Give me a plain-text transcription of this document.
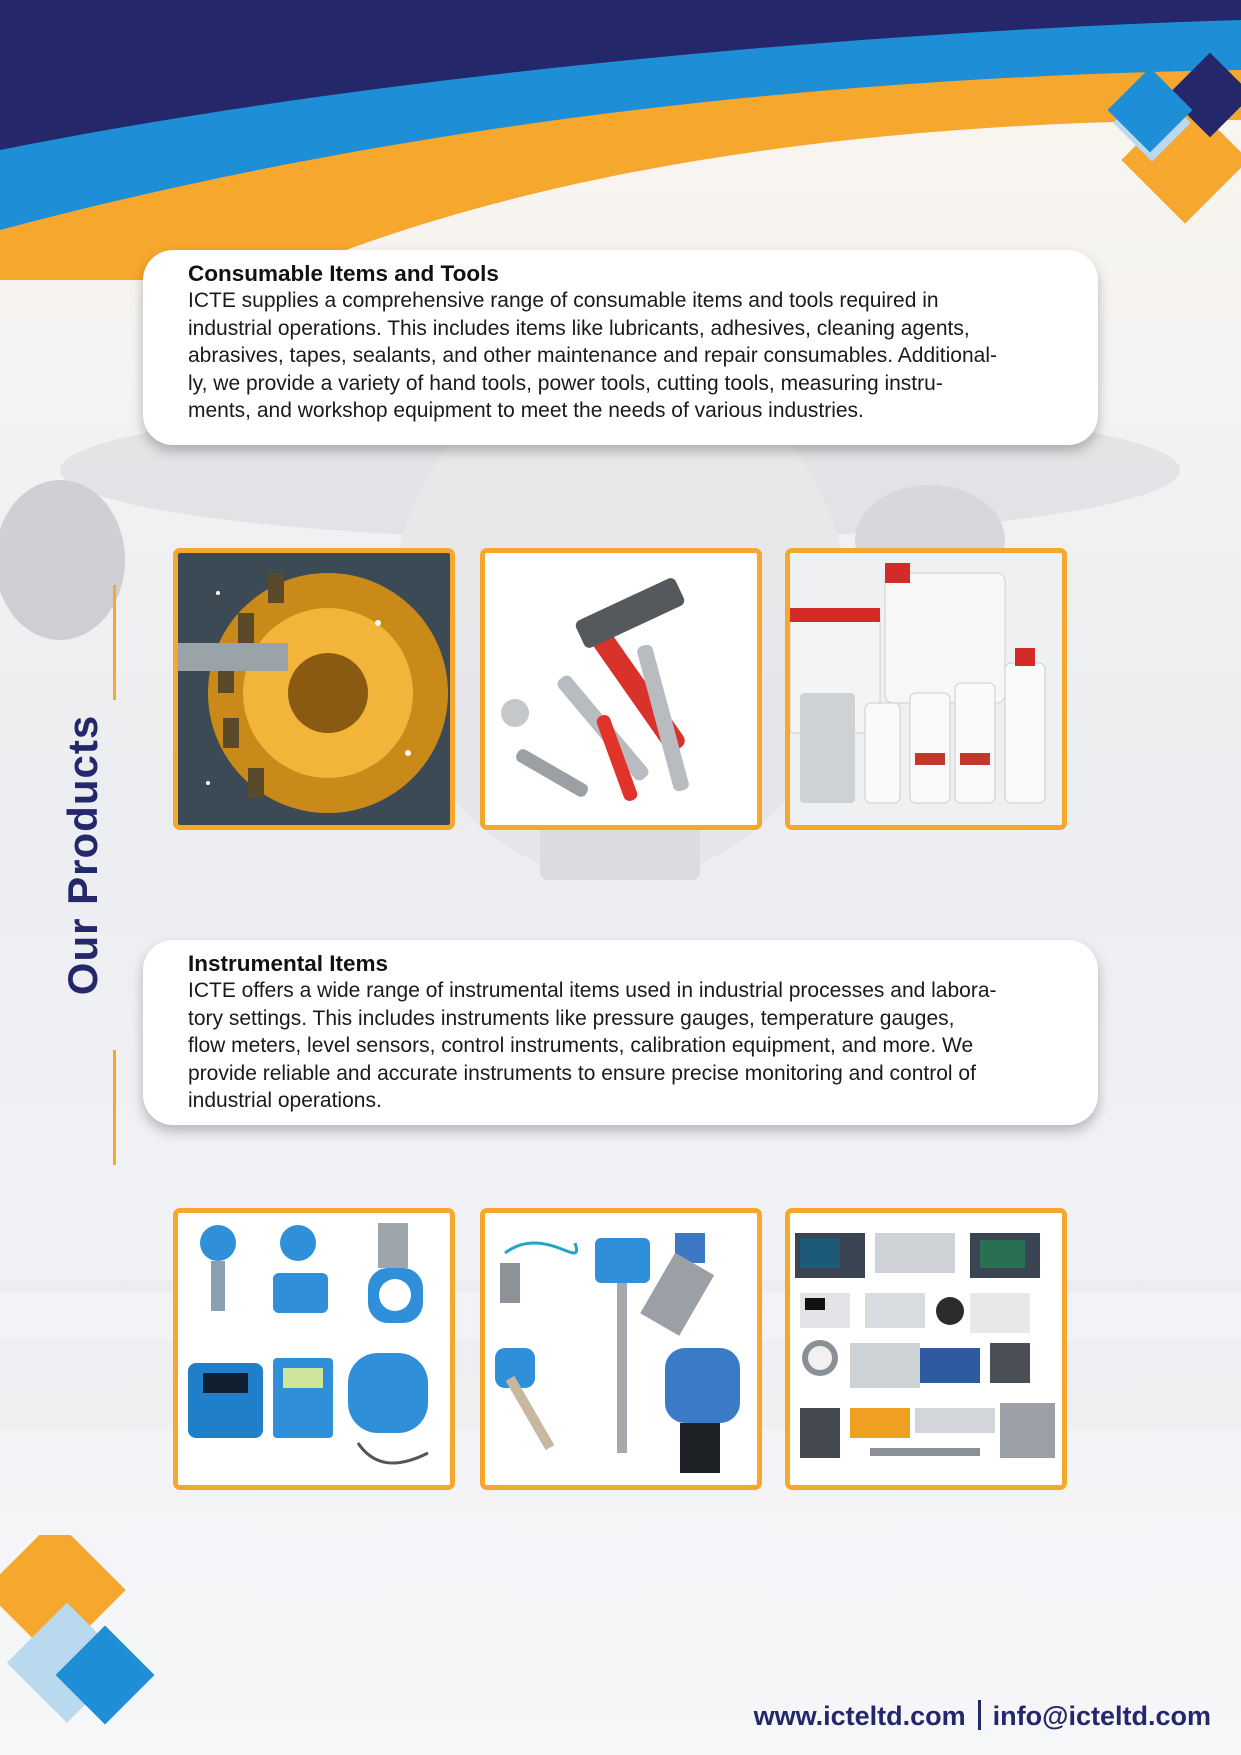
Our Products
Consumable Items and Tools

ICTE supplies a comprehensive range of consumable items and tools required in

industrial operations. This includes items like lubricants, adhesives, cleaning agents,

abrasives, tapes, sealants, and other maintenance and repair consumables. Additional-

ly, we provide a variety of hand tools, power tools, cutting tools, measuring instru-

ments, and workshop equipment to meet the needs of various industries.

Instrumental Items

ICTE offers a wide range of instrumental items used in industrial processes and labora-

tory settings. This includes instruments like pressure gauges, temperature gauges,

flow meters, level sensors, control instruments, calibration equipment, and more. We

provide reliable and accurate instruments to ensure precise monitoring and control of

industrial operations.

www.icteltd.com info@icteltd.com
